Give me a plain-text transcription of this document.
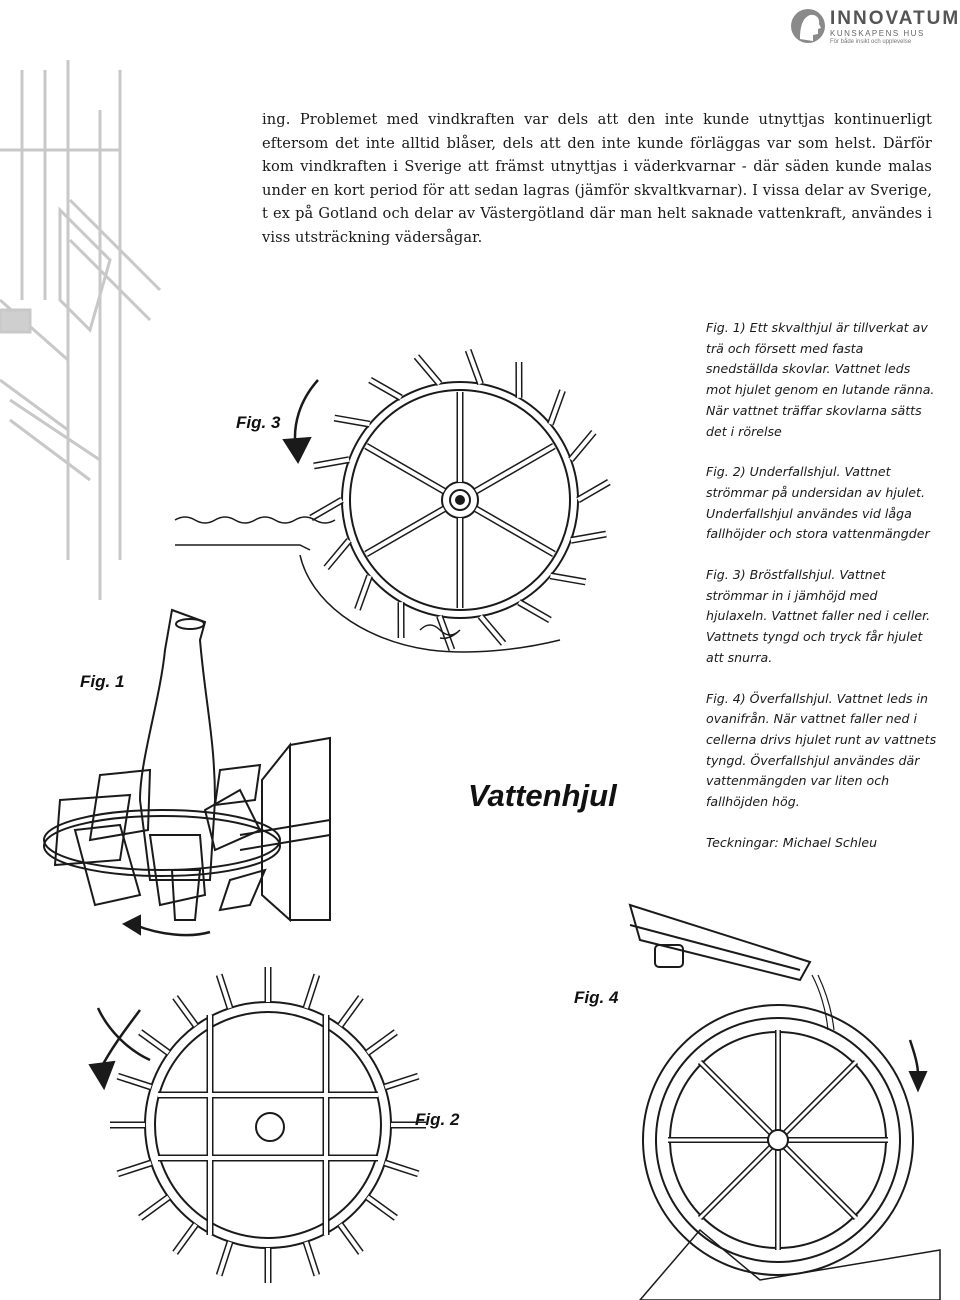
INNOVATUM
KUNSKAPENS HUS
För både insikt och upplevelse

ing. Problemet med vindkraften var dels att den inte kunde utnyttjas kontinuerligt eftersom det inte alltid blåser, dels att den inte kunde förläggas var som helst. Därför kom vindkraften i Sverige att främst utnyttjas i väderkvarnar - där säden kunde malas under en kort period för att sedan lagras (jämför skvaltkvarnar). I vissa delar av Sverige, t ex på Gotland och delar av Västergötland där man helt saknade vattenkraft, användes i viss utsträckning vädersågar.

Fig. 3
Fig. 1
Fig. 4
Fig. 2
Vattenhjul

Fig. 1) Ett skvalthjul är tillverkat av trä och försett med fasta snedställda skovlar. Vattnet leds mot hjulet genom en lutande ränna. När vattnet träffar skovlarna sätts det i rörelse

Fig. 2) Underfallshjul. Vattnet strömmar på undersidan av hjulet. Underfallshjul användes vid låga fallhöjder och stora vattenmängder

Fig. 3) Bröstfallshjul. Vattnet strömmar in i jämhöjd med hjulaxeln. Vattnet faller ned i celler. Vattnets tyngd och tryck får hjulet att snurra.

Fig. 4) Överfallshjul. Vattnet leds in ovanifrån. När vattnet faller ned i cellerna drivs hjulet runt av vattnets tyngd. Överfallshjul användes där vattenmängden var liten och fallhöjden hög.

Teckningar: Michael Schleu
